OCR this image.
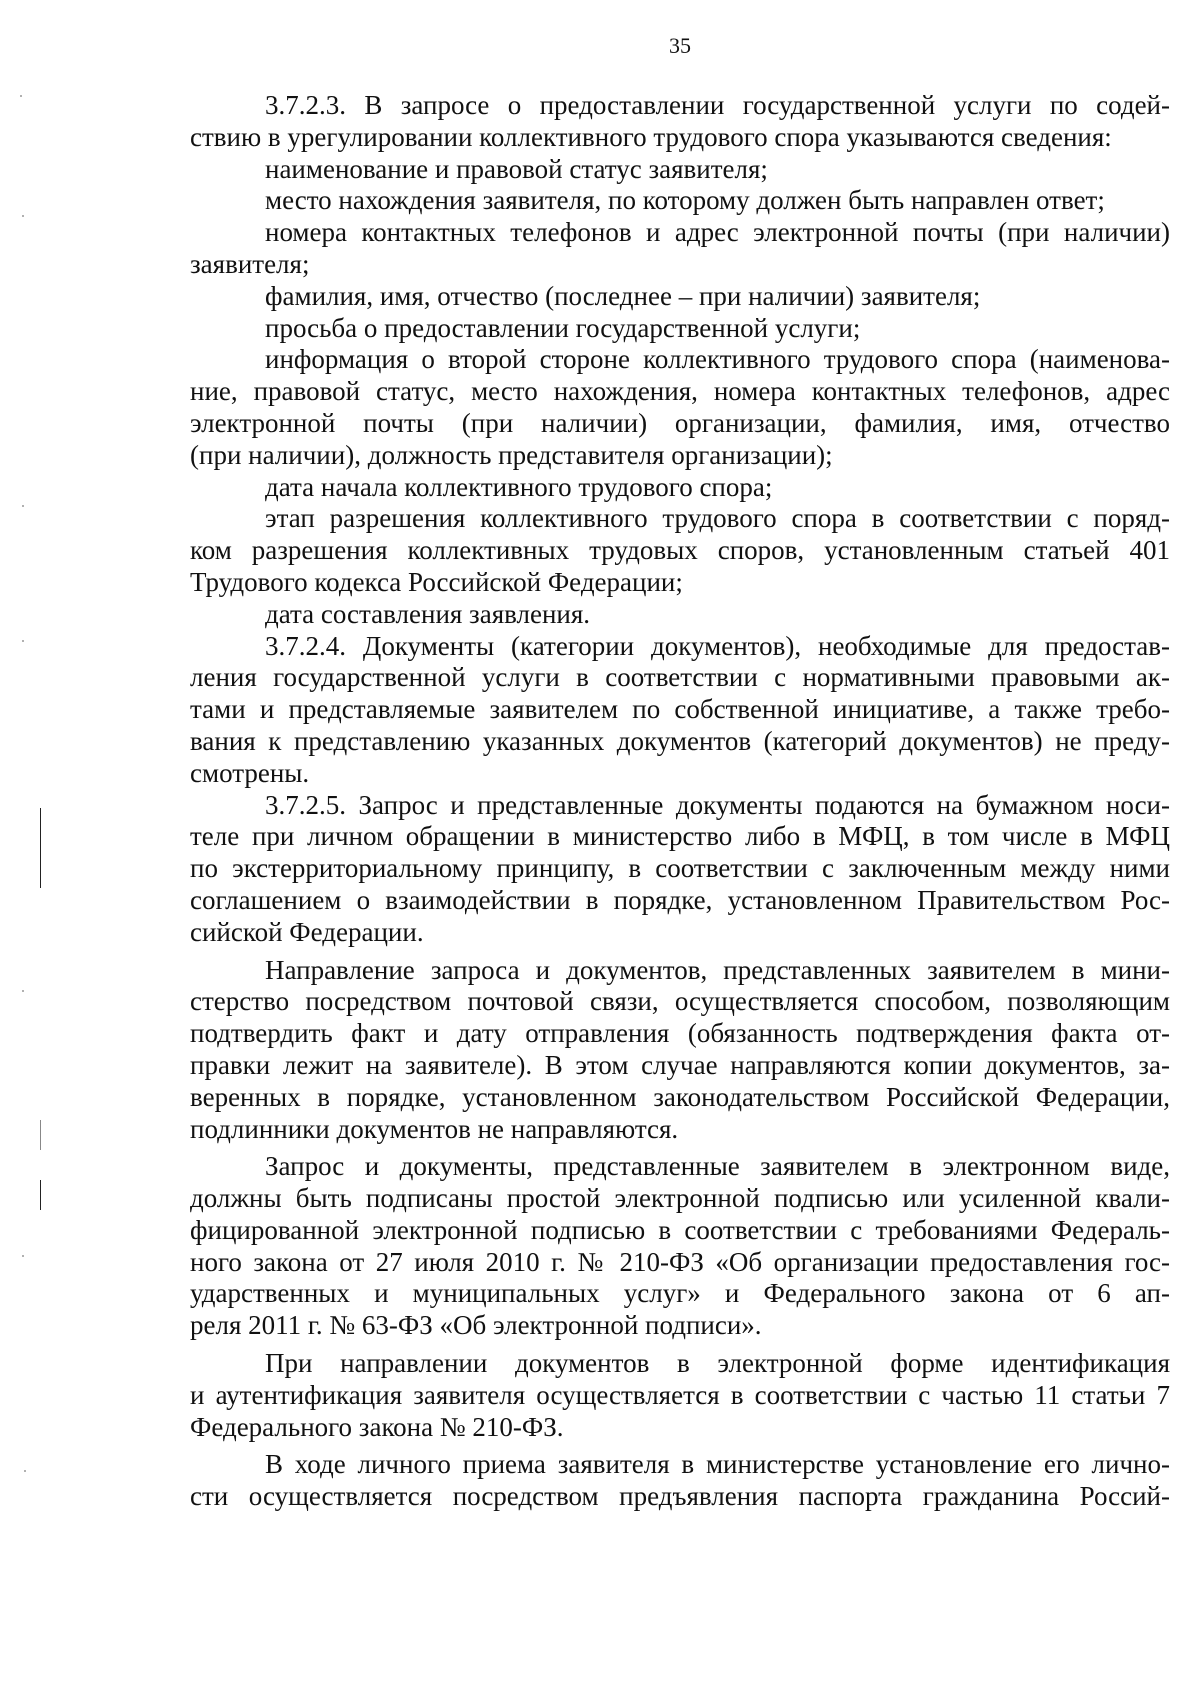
35
3.7.2.3. В запросе о предоставлении государственной услуги по содей-
ствию в урегулировании коллективного трудового спора указываются сведения:
наименование и правовой статус заявителя;
место нахождения заявителя, по которому должен быть направлен ответ;
номера контактных телефонов и адрес электронной почты (при наличии)
заявителя;
фамилия, имя, отчество (последнее – при наличии) заявителя;
просьба о предоставлении государственной услуги;
информация о второй стороне коллективного трудового спора (наименова-
ние, правовой статус, место нахождения, номера контактных телефонов, адрес
электронной почты (при наличии) организации, фамилия, имя, отчество
(при наличии), должность представителя организации);
дата начала коллективного трудового спора;
этап разрешения коллективного трудового спора в соответствии с поряд-
ком разрешения коллективных трудовых споров, установленным статьей 401
Трудового кодекса Российской Федерации;
дата составления заявления.
3.7.2.4. Документы (категории документов), необходимые для предостав-
ления государственной услуги в соответствии с нормативными правовыми ак-
тами и представляемые заявителем по собственной инициативе, а также требо-
вания к представлению указанных документов (категорий документов) не преду-
смотрены.
3.7.2.5. Запрос и представленные документы подаются на бумажном носи-
теле при личном обращении в министерство либо в МФЦ, в том числе в МФЦ
по экстерриториальному принципу, в соответствии с заключенным между ними
соглашением о взаимодействии в порядке, установленном Правительством Рос-
сийской Федерации.
Направление запроса и документов, представленных заявителем в мини-
стерство посредством почтовой связи, осуществляется способом, позволяющим
подтвердить факт и дату отправления (обязанность подтверждения факта от-
правки лежит на заявителе). В этом случае направляются копии документов, за-
веренных в порядке, установленном законодательством Российской Федерации,
подлинники документов не направляются.
Запрос и документы, представленные заявителем в электронном виде,
должны быть подписаны простой электронной подписью или усиленной квали-
фицированной электронной подписью в соответствии с требованиями Федераль-
ного закона от 27 июля 2010 г. № 210-ФЗ «Об организации предоставления гос-
ударственных и муниципальных услуг» и Федерального закона от 6 ап-
реля 2011 г. № 63-ФЗ «Об электронной подписи».
При направлении документов в электронной форме идентификация
и аутентификация заявителя осуществляется в соответствии с частью 11 статьи 7
Федерального закона № 210-ФЗ.
В ходе личного приема заявителя в министерстве установление его лично-
сти осуществляется посредством предъявления паспорта гражданина Россий-
